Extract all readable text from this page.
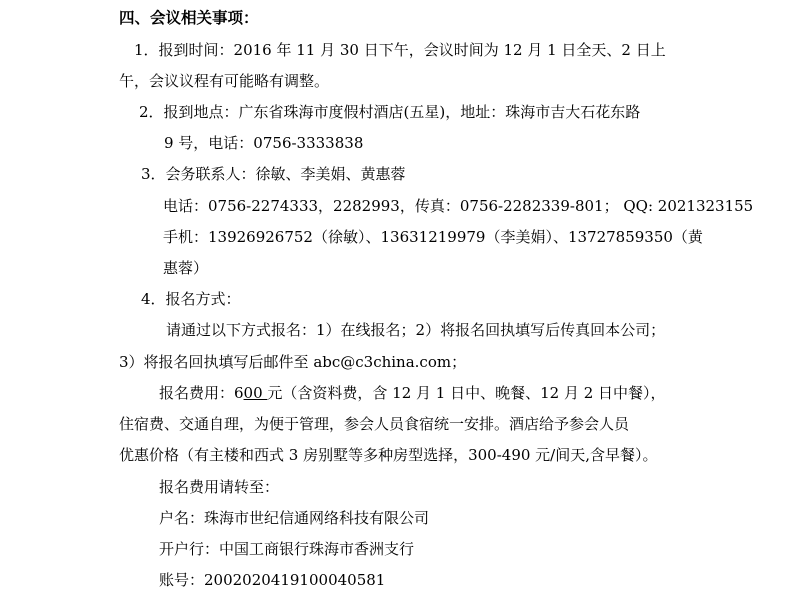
四、会议相关事项：
1．报到时间：2016 年 11 月 30 日下午，会议时间为 12 月 1 日全天、2 日上
午，会议议程有可能略有调整。
2．报到地点：广东省珠海市度假村酒店(五星)，地址：珠海市吉大石花东路
9 号，电话：0756-3333838
3．会务联系人：徐敏、李美娟、黄惠蓉
电话：0756-2274333，2282993，传真：0756-2282339-801； QQ: 2021323155
手机：13926926752（徐敏）、13631219979（李美娟）、13727859350（黄
惠蓉）
4．报名方式：
请通过以下方式报名：1）在线报名；2）将报名回执填写后传真回本公司；
3）将报名回执填写后邮件至 abc@c3china.com；
报名费用：600 元（含资料费，含 12 月 1 日中、晚餐、12 月 2 日中餐），
住宿费、交通自理，为便于管理，参会人员食宿统一安排。酒店给予参会人员
优惠价格（有主楼和西式 3 房别墅等多种房型选择，300-490 元/间天,含早餐）。
报名费用请转至：
户名：珠海市世纪信通网络科技有限公司
开户行：中国工商银行珠海市香洲支行
账号：2002020419100040581
